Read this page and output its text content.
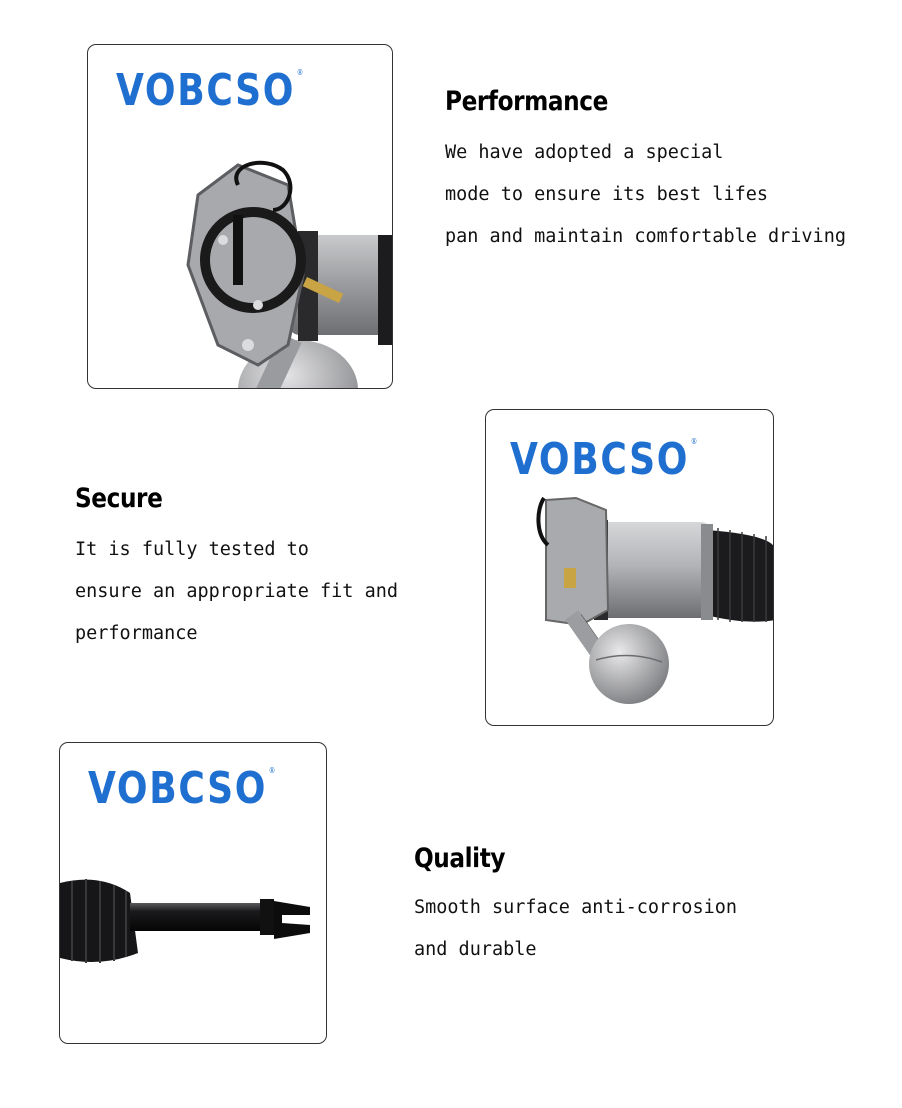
VOBCSO ®
Performance
We have adopted a special
mode to ensure its best lifes
pan and maintain comfortable driving
VOBCSO ®
Secure
It is fully tested to
ensure an appropriate fit and
performance
VOBCSO ®
Quality
Smooth surface anti-corrosion
and durable
